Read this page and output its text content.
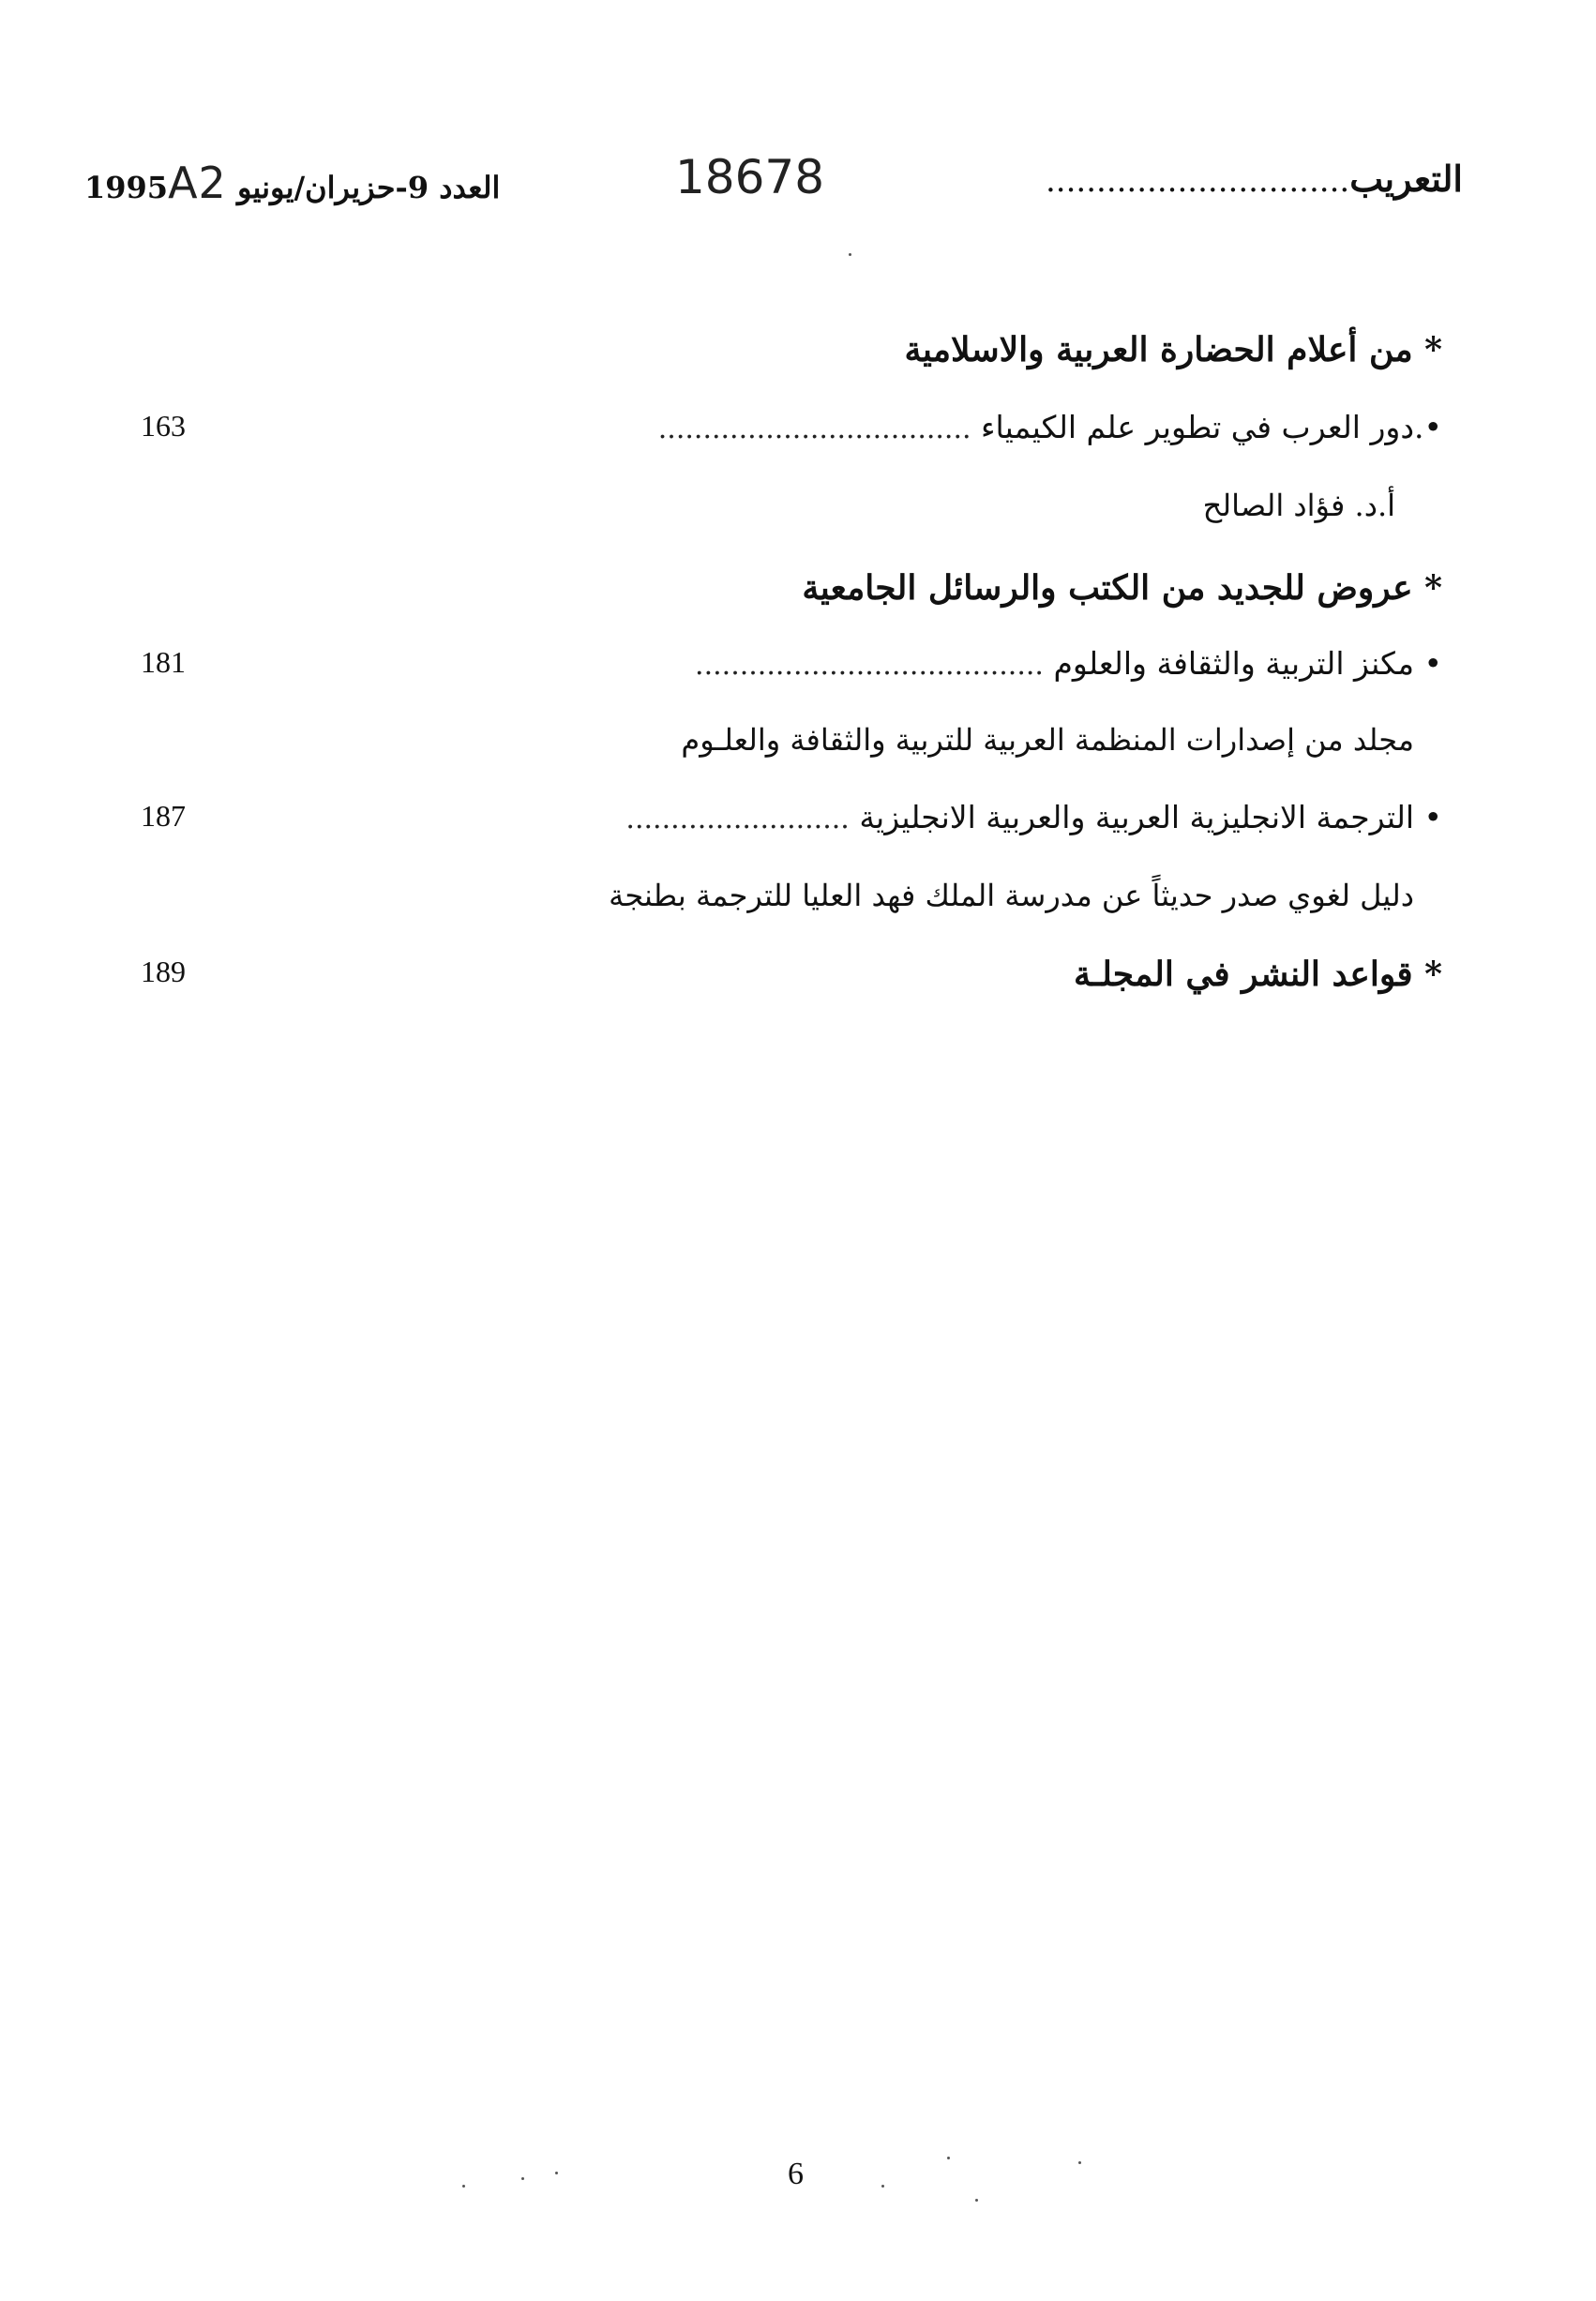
التعريب..............................
18678
العدد 9-حزيران/يونيو 1995A2
* من أعلام الحضارة العربية والاسلامية
•.دور العرب في تطوير علم الكيمياء ...................................
163
أ.د. فؤاد الصالح
* عروض للجديد من الكتب والرسائل الجامعية
• مكنز التربية والثقافة والعلوم .......................................
181
مجلد من إصدارات المنظمة العربية للتربية والثقافة والعلـوم
• الترجمة الانجليزية العربية والعربية الانجليزية .........................
187
دليل لغوي صدر حديثاً عن مدرسة الملك فهد العليا للترجمة بطنجة
* قواعد النشر في المجلـة
189
6
